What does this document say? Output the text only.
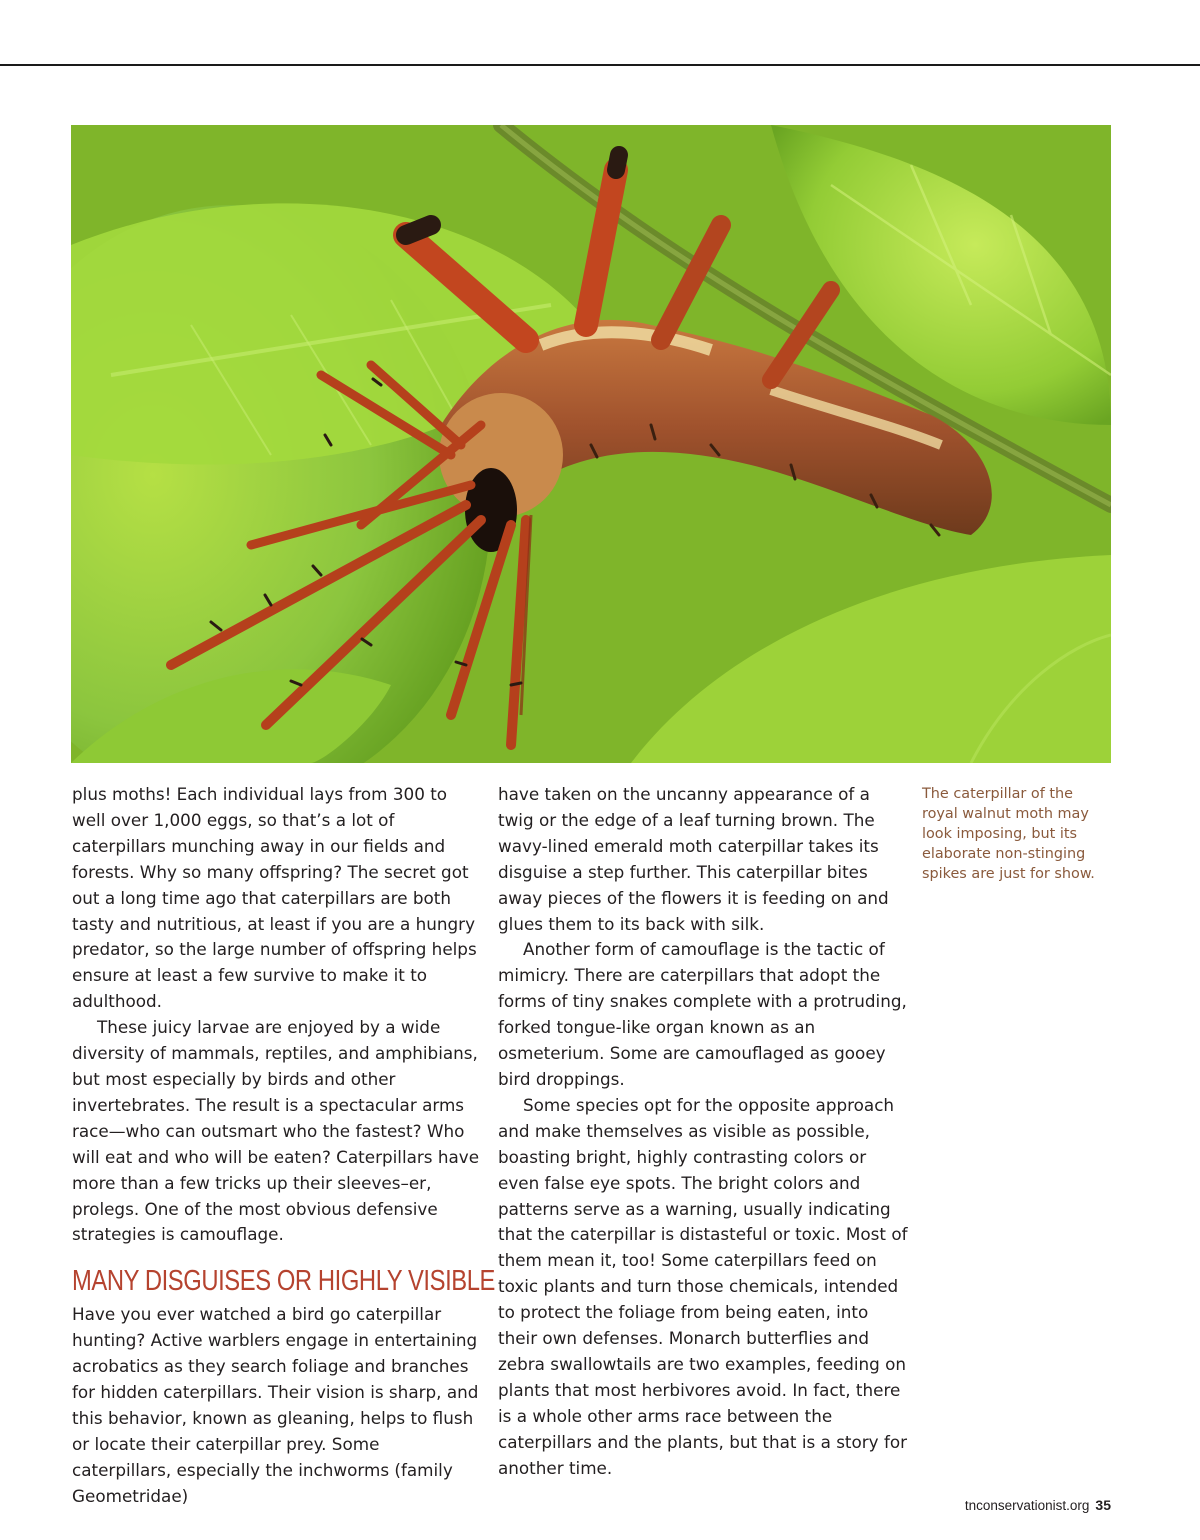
plus moths! Each individual lays from 300 to well over 1,000 eggs, so that’s a lot of caterpillars munching away in our fields and forests. Why so many offspring? The secret got out a long time ago that caterpillars are both tasty and nutritious, at least if you are a hungry predator, so the large number of offspring helps ensure at least a few survive to make it to adulthood.

These juicy larvae are enjoyed by a wide diversity of mammals, reptiles, and amphibians, but most especially by birds and other invertebrates. The result is a spectacular arms race—who can outsmart who the fastest? Who will eat and who will be eaten? Caterpillars have more than a few tricks up their sleeves–er, prolegs. One of the most obvious defensive strategies is camouflage.

MANY DISGUISES OR HIGHLY VISIBLE

Have you ever watched a bird go caterpillar hunting? Active warblers engage in entertaining acrobatics as they search foliage and branches for hidden caterpillars. Their vision is sharp, and this behavior, known as gleaning, helps to flush or locate their caterpillar prey. Some caterpillars, especially the inchworms (family Geometridae)

have taken on the uncanny appearance of a twig or the edge of a leaf turning brown. The wavy-lined emerald moth caterpillar takes its disguise a step further. This caterpillar bites away pieces of the flowers it is feeding on and glues them to its back with silk.

Another form of camouflage is the tactic of mimicry. There are caterpillars that adopt the forms of tiny snakes complete with a protruding, forked tongue-like organ known as an osmeterium. Some are camouflaged as gooey bird droppings.

Some species opt for the opposite approach and make themselves as visible as possible, boasting bright, highly contrasting colors or even false eye spots. The bright colors and patterns serve as a warning, usually indicating that the caterpillar is distasteful or toxic. Most of them mean it, too! Some caterpillars feed on toxic plants and turn those chemicals, intended to protect the foliage from being eaten, into their own defenses. Monarch butterflies and zebra swallowtails are two examples, feeding on plants that most herbivores avoid. In fact, there is a whole other arms race between the caterpillars and the plants, but that is a story for another time.

The caterpillar of the royal walnut moth may look imposing, but its elaborate non-stinging spikes are just for show.
tnconservationist.org 35
